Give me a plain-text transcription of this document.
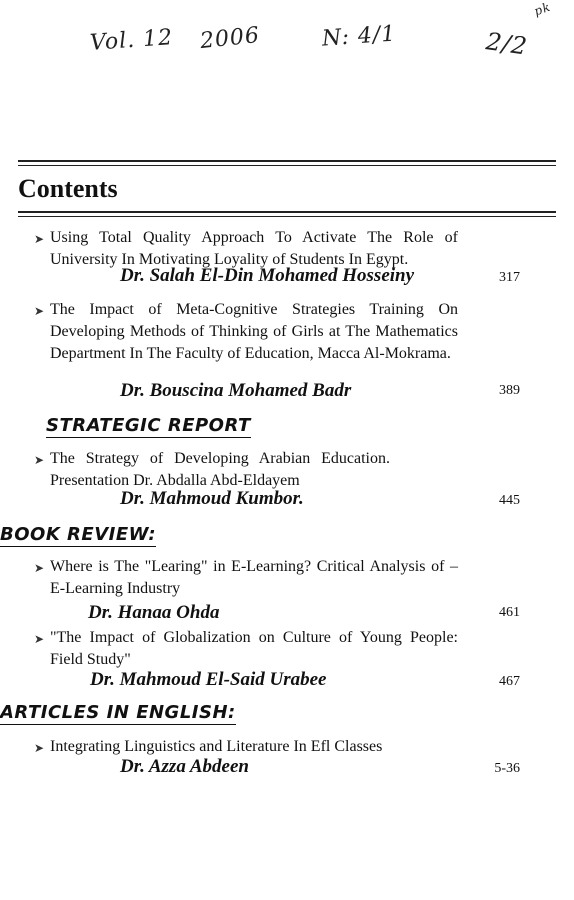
Vol. 12 2006	N: 4/1	2/2
pk
Contents
➤ Using Total Quality Approach To Activate The Role of University In Motivating Loyality of Students In Egypt.
Dr. Salah El-Din Mohamed Hosseiny	317
➤ The Impact of Meta-Cognitive Strategies Training On Developing Methods of Thinking of Girls at The Mathematics Department In The Faculty of Education, Macca Al-Mokrama.
Dr. Bouscina Mohamed Badr	389
STRATEGIC REPORT
➤ The Strategy of Developing Arabian Education. Presentation Dr. Abdalla Abd-Eldayem
Dr. Mahmoud Kumbor.	445
BOOK REVIEW:
➤ Where is The "Learing" in E-Learning? Critical Analysis of – E-Learning Industry
Dr. Hanaa Ohda	461
➤ "The Impact of Globalization on Culture of Young People: Field Study"
Dr. Mahmoud El-Said Urabee	467
ARTICLES IN ENGLISH:
➤ Integrating Linguistics and Literature In Efl Classes
Dr. Azza Abdeen	5-36
